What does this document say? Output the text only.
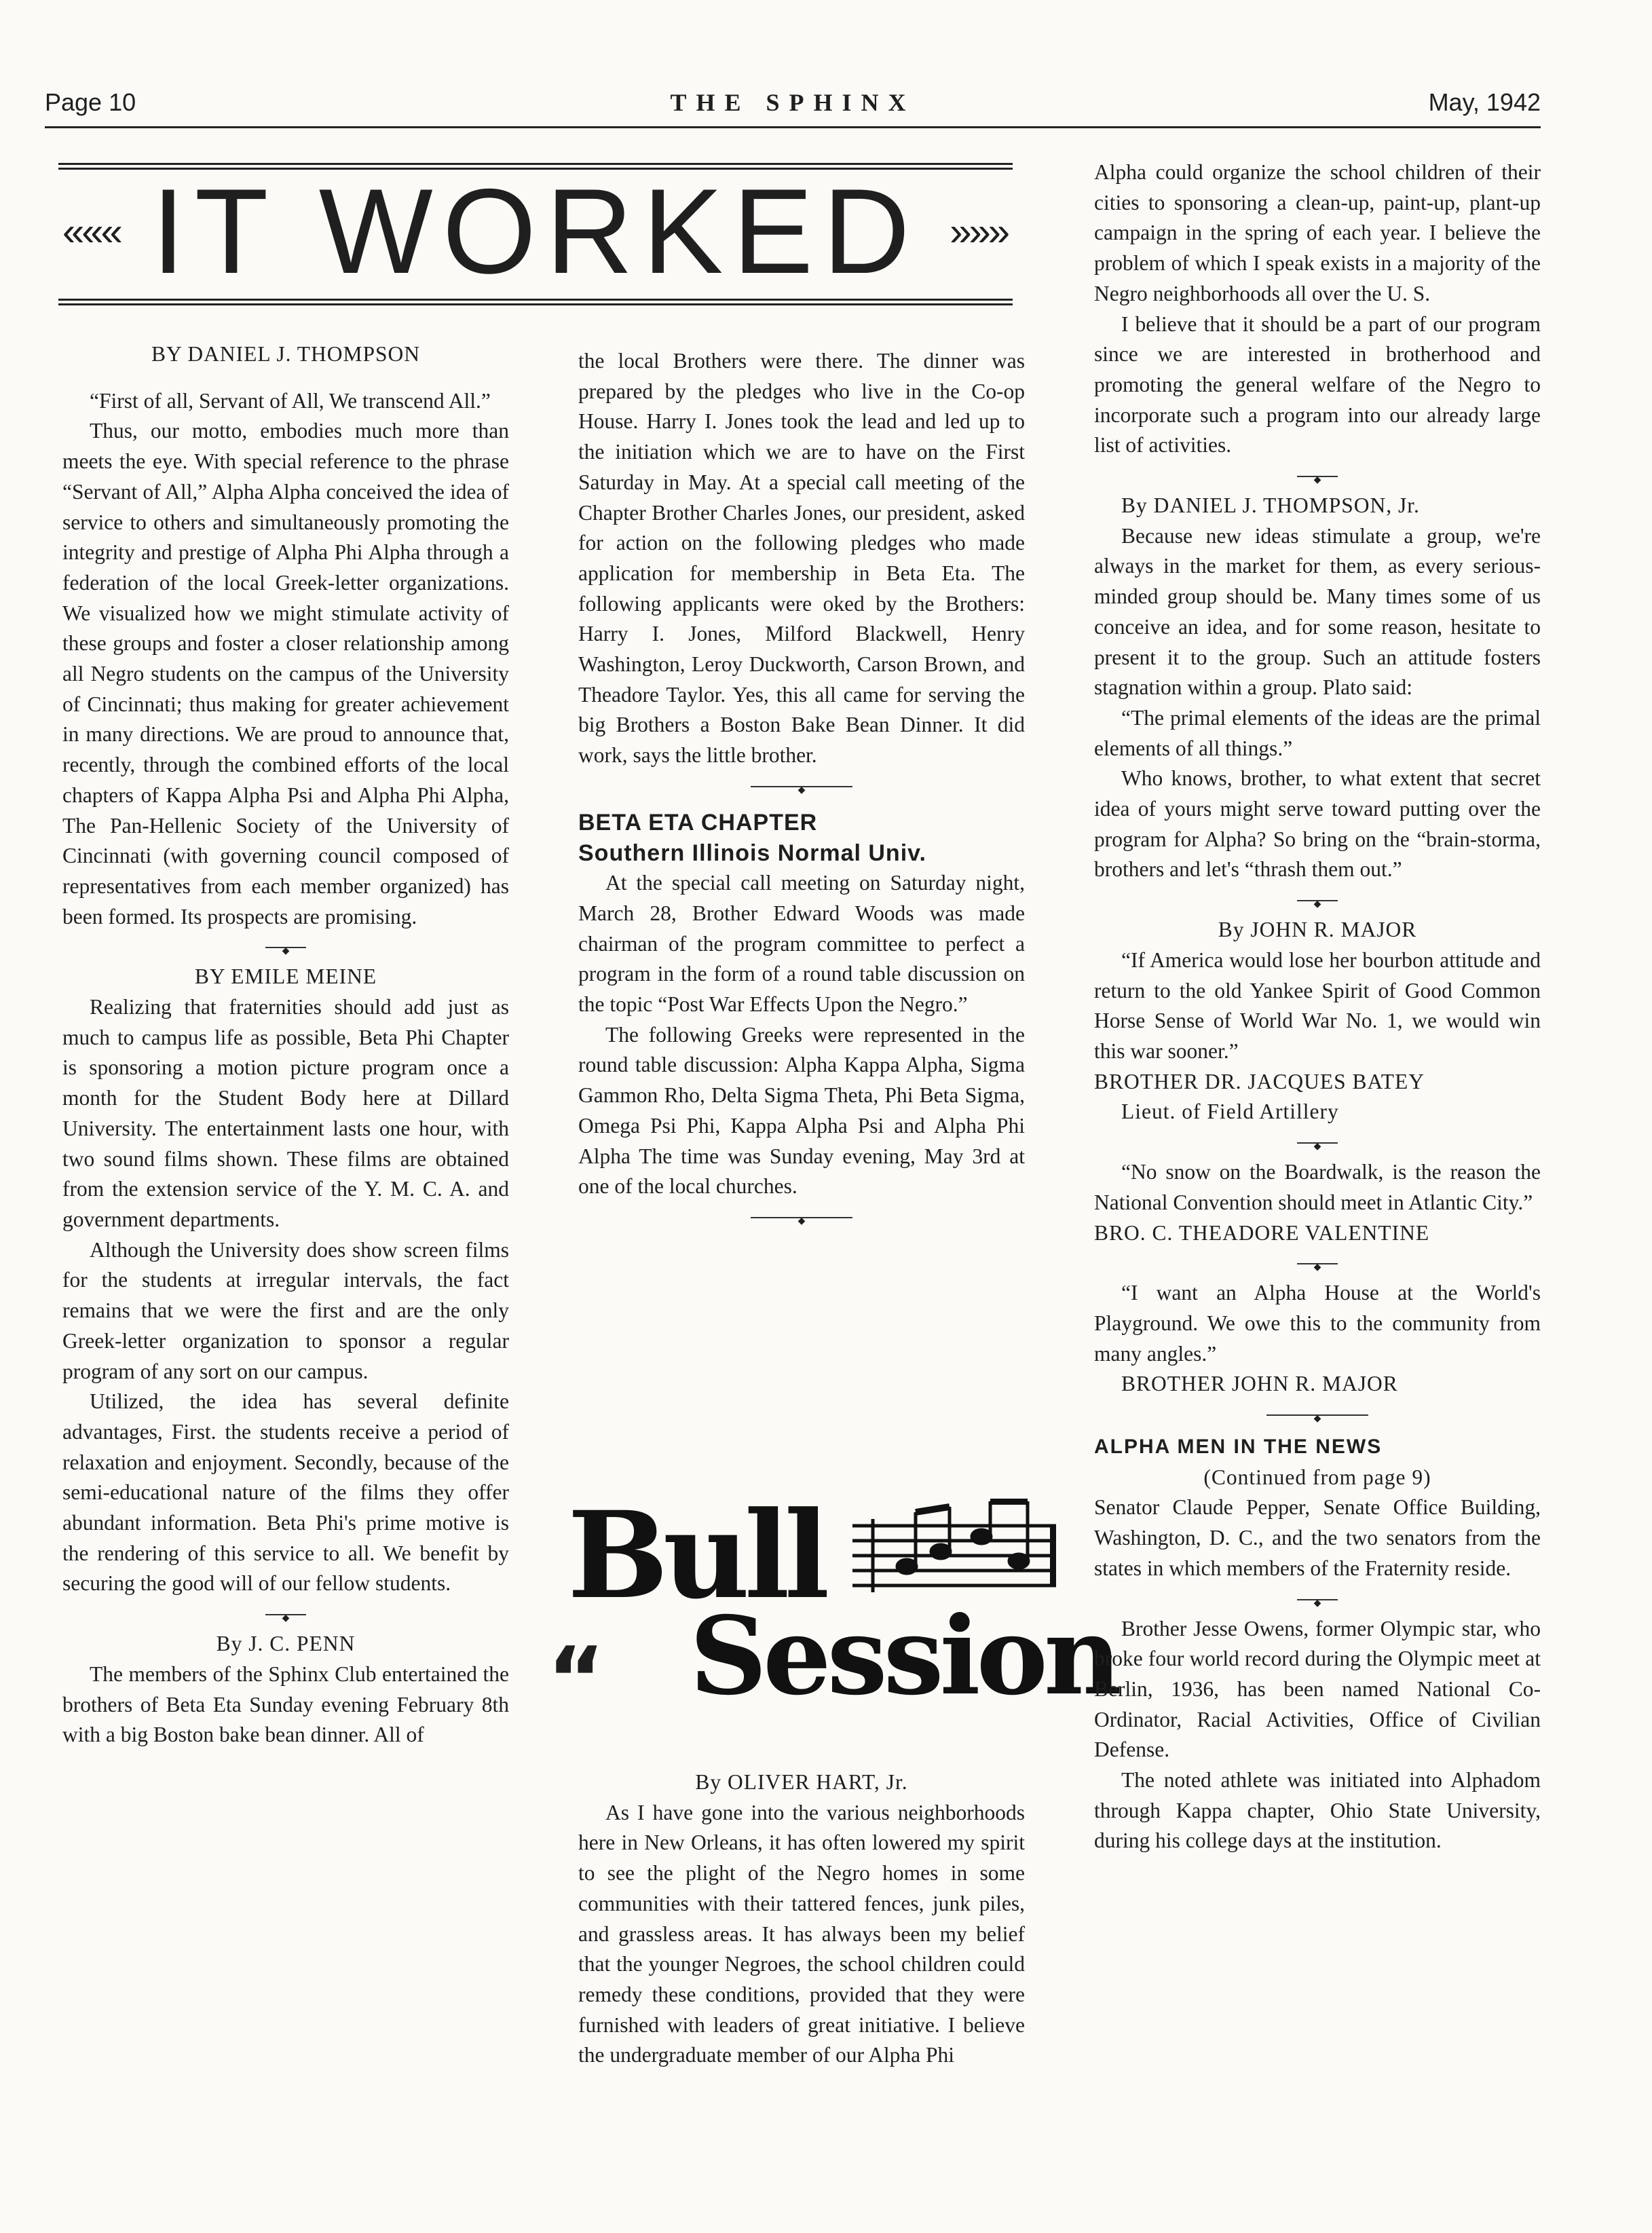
Page 10	THE SPHINX	May, 1942
««« IT WORKED »»»

BY DANIEL J. THOMPSON

“First of all, Servant of All, We transcend All.”

Thus, our motto, embodies much more than meets the eye. With special reference to the phrase “Servant of All,” Alpha Alpha conceived the idea of service to others and simultaneously promoting the integrity and prestige of Alpha Phi Alpha through a federation of the local Greek-letter organizations. We visualized how we might stimulate activity of these groups and foster a closer relationship among all Negro students on the campus of the University of Cincinnati; thus making for greater achievement in many directions. We are proud to announce that, recently, through the combined efforts of the local chapters of Kappa Alpha Psi and Alpha Phi Alpha, The Pan-Hellenic Society of the University of Cincinnati (with governing council composed of representatives from each member organized) has been formed. Its prospects are promising.

◆

BY EMILE MEINE

Realizing that fraternities should add just as much to campus life as possible, Beta Phi Chapter is sponsoring a motion picture program once a month for the Student Body here at Dillard University. The entertainment lasts one hour, with two sound films shown. These films are obtained from the extension service of the Y. M. C. A. and government departments.

Although the University does show screen films for the students at irregular intervals, the fact remains that we were the first and are the only Greek-letter organization to sponsor a regular program of any sort on our campus.

Utilized, the idea has several definite advantages, First. the students receive a period of relaxation and enjoyment. Secondly, because of the semi-educational nature of the films they offer abundant information. Beta Phi's prime motive is the rendering of this service to all. We benefit by securing the good will of our fellow students.

◆

By J. C. PENN

The members of the Sphinx Club entertained the brothers of Beta Eta Sunday evening February 8th with a big Boston bake bean dinner. All of

the local Brothers were there. The dinner was prepared by the pledges who live in the Co-op House. Harry I. Jones took the lead and led up to the initiation which we are to have on the First Saturday in May. At a special call meeting of the Chapter Brother Charles Jones, our president, asked for action on the following pledges who made application for membership in Beta Eta. The following applicants were oked by the Brothers: Harry I. Jones, Milford Blackwell, Henry Washington, Leroy Duckworth, Carson Brown, and Theadore Taylor. Yes, this all came for serving the big Brothers a Boston Bake Bean Dinner. It did work, says the little brother.

◆

BETA ETA CHAPTER

Southern Illinois Normal Univ.

At the special call meeting on Saturday night, March 28, Brother Edward Woods was made chairman of the program committee to perfect a program in the form of a round table discussion on the topic “Post War Effects Upon the Negro.”

The following Greeks were represented in the round table discussion: Alpha Kappa Alpha, Sigma Gammon Rho, Delta Sigma Theta, Phi Beta Sigma, Omega Psi Phi, Kappa Alpha Psi and Alpha Phi Alpha The time was Sunday evening, May 3rd at one of the local churches.

◆
Bull
“ Session

By OLIVER HART, Jr.

As I have gone into the various neighborhoods here in New Orleans, it has often lowered my spirit to see the plight of the Negro homes in some communities with their tattered fences, junk piles, and grassless areas. It has always been my belief that the younger Negroes, the school children could remedy these conditions, provided that they were furnished with leaders of great initiative. I believe the undergraduate member of our Alpha Phi

Alpha could organize the school children of their cities to sponsoring a clean-up, paint-up, plant-up campaign in the spring of each year. I believe the problem of which I speak exists in a majority of the Negro neighborhoods all over the U. S.

I believe that it should be a part of our program since we are interested in brotherhood and promoting the general welfare of the Negro to incorporate such a program into our already large list of activities.

◆

By DANIEL J. THOMPSON, Jr.

Because new ideas stimulate a group, we're always in the market for them, as every serious-minded group should be. Many times some of us conceive an idea, and for some reason, hesitate to present it to the group. Such an attitude fosters stagnation within a group. Plato said:

“The primal elements of the ideas are the primal elements of all things.”

Who knows, brother, to what extent that secret idea of yours might serve toward putting over the program for Alpha? So bring on the “brain-storma, brothers and let's “thrash them out.”

◆

By JOHN R. MAJOR

“If America would lose her bourbon attitude and return to the old Yankee Spirit of Good Common Horse Sense of World War No. 1, we would win this war sooner.”

BROTHER DR. JACQUES BATEY

Lieut. of Field Artillery

◆

“No snow on the Boardwalk, is the reason the National Convention should meet in Atlantic City.”

BRO. C. THEADORE VALENTINE

◆

“I want an Alpha House at the World's Playground. We owe this to the community from many angles.”

BROTHER JOHN R. MAJOR

◆

ALPHA MEN IN THE NEWS

(Continued from page 9)

Senator Claude Pepper, Senate Office Building, Washington, D. C., and the two senators from the states in which members of the Fraternity reside.

◆

Brother Jesse Owens, former Olympic star, who broke four world record during the Olympic meet at Berlin, 1936, has been named National Co-Ordinator, Racial Activities, Office of Civilian Defense.

The noted athlete was initiated into Alphadom through Kappa chapter, Ohio State University, during his college days at the institution.
